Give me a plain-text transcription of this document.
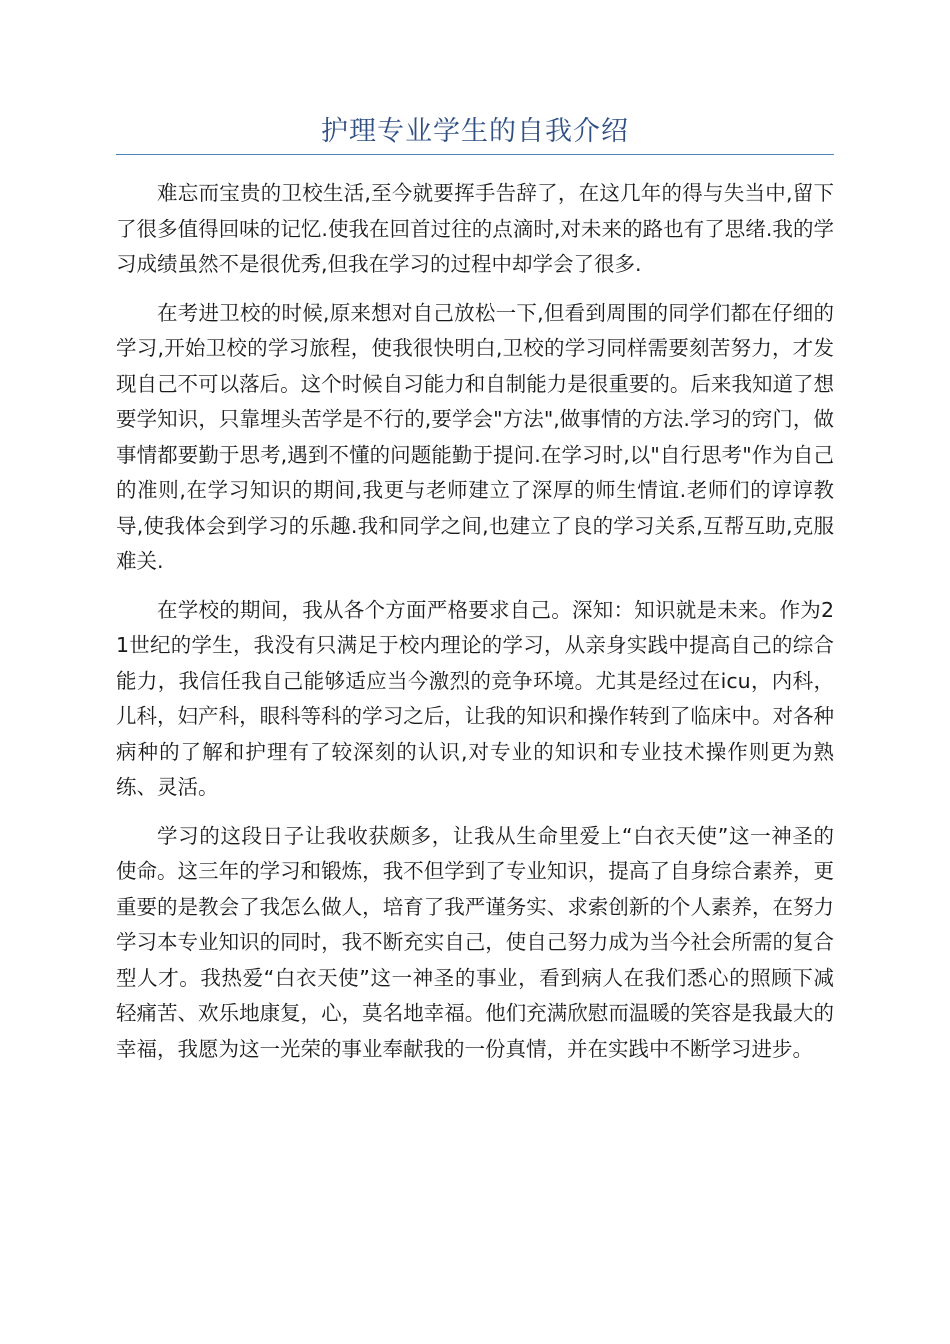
护理专业学生的自我介绍

难忘而宝贵的卫校生活,至今就要挥手告辞了，在这几年的得与失当中,留下了很多值得回味的记忆.使我在回首过往的点滴时,对未来的路也有了思绪.我的学习成绩虽然不是很优秀,但我在学习的过程中却学会了很多.

在考进卫校的时候,原来想对自己放松一下,但看到周围的同学们都在仔细的学习,开始卫校的学习旅程，使我很快明白,卫校的学习同样需要刻苦努力，才发现自己不可以落后。这个时候自习能力和自制能力是很重要的。后来我知道了想要学知识，只靠埋头苦学是不行的,要学会"方法",做事情的方法.学习的窍门，做事情都要勤于思考,遇到不懂的问题能勤于提问.在学习时,以"自行思考"作为自己的准则,在学习知识的期间,我更与老师建立了深厚的师生情谊.老师们的谆谆教导,使我体会到学习的乐趣.我和同学之间,也建立了良的学习关系,互帮互助,克服难关.

在学校的期间，我从各个方面严格要求自己。深知：知识就是未来。作为21世纪的学生，我没有只满足于校内理论的学习，从亲身实践中提高自己的综合能力，我信任我自己能够适应当今激烈的竞争环境。尤其是经过在icu，内科，儿科，妇产科，眼科等科的学习之后，让我的知识和操作转到了临床中。对各种病种的了解和护理有了较深刻的认识,对专业的知识和专业技术操作则更为熟练、灵活。

学习的这段日子让我收获颇多，让我从生命里爱上“白衣天使”这一神圣的使命。这三年的学习和锻炼，我不但学到了专业知识，提高了自身综合素养，更重要的是教会了我怎么做人，培育了我严谨务实、求索创新的个人素养，在努力学习本专业知识的同时，我不断充实自己，使自己努力成为当今社会所需的复合型人才。我热爱“白衣天使”这一神圣的事业，看到病人在我们悉心的照顾下减轻痛苦、欢乐地康复，心，莫名地幸福。他们充满欣慰而温暖的笑容是我最大的幸福，我愿为这一光荣的事业奉献我的一份真情，并在实践中不断学习进步。
